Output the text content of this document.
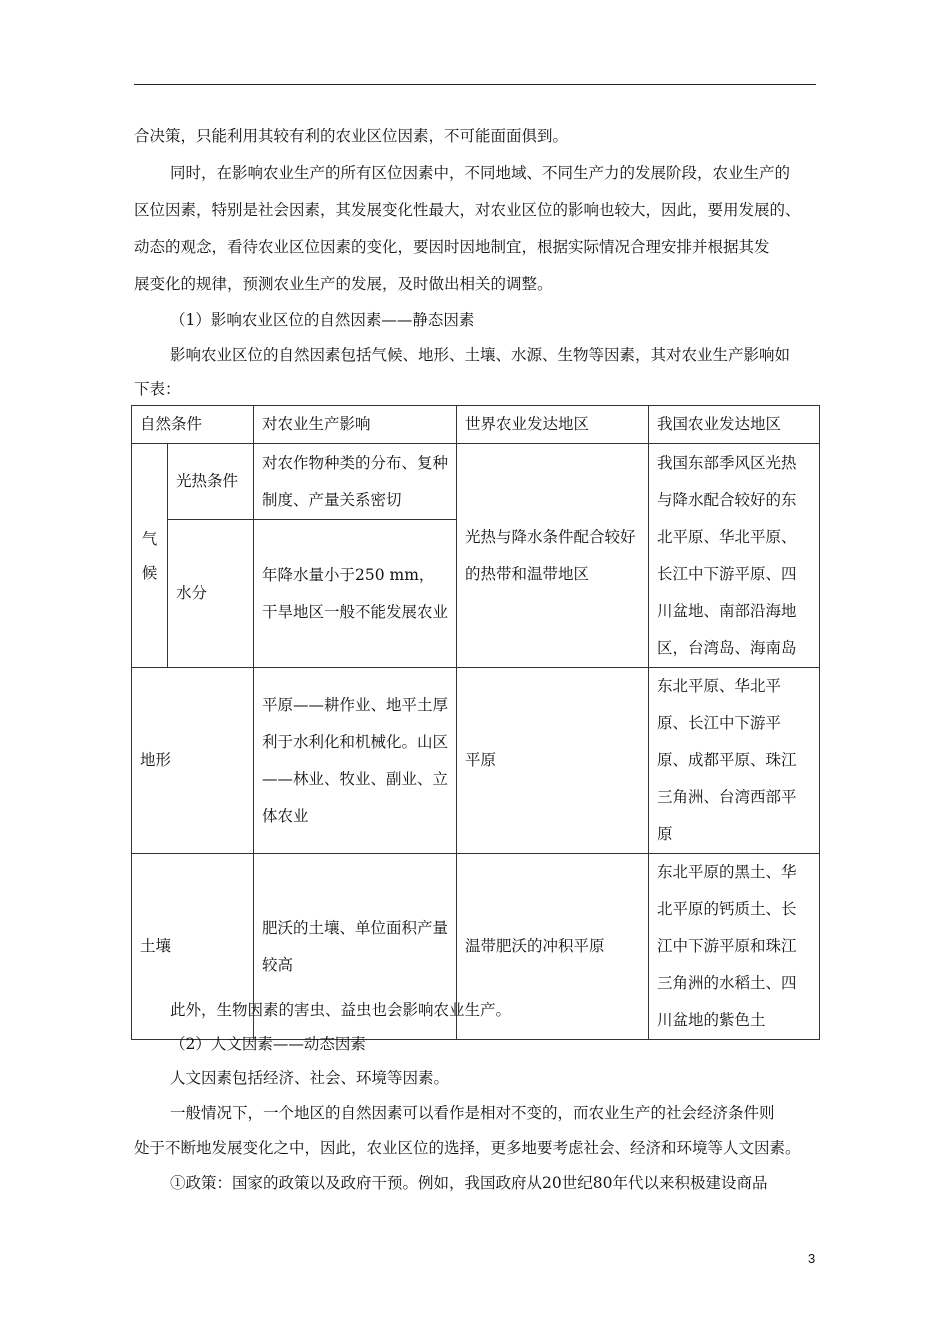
合决策，只能利用其较有利的农业区位因素，不可能面面俱到。
同时，在影响农业生产的所有区位因素中，不同地域、不同生产力的发展阶段，农业生产的
区位因素，特别是社会因素，其发展变化性最大，对农业区位的影响也较大，因此，要用发展的、
动态的观念，看待农业区位因素的变化，要因时因地制宜，根据实际情况合理安排并根据其发
展变化的规律，预测农业生产的发展，及时做出相关的调整。
（1）影响农业区位的自然因素——静态因素
影响农业区位的自然因素包括气候、地形、土壤、水源、生物等因素，其对农业生产影响如
下表：
自然条件		对农业生产影响	世界农业发达地区	我国农业发达地区
气
候	光热条件	对农作物种类的分布、复种制度、产量关系密切	光热与降水条件配合较好的热带和温带地区	我国东部季风区光热与降水配合较好的东北平原、华北平原、长江中下游平原、四川盆地、南部沿海地区，台湾岛、海南岛
	水分	年降水量小于250 mm，干旱地区一般不能发展农业		
地形		平原——耕作业、地平土厚利于水利化和机械化。山区——林业、牧业、副业、立体农业	平原	东北平原、华北平原、长江中下游平原、成都平原、珠江三角洲、台湾西部平原
土壤		肥沃的土壤、单位面积产量较高	温带肥沃的冲积平原	东北平原的黑土、华北平原的钙质土、长江中下游平原和珠江三角洲的水稻土、四川盆地的紫色土
此外，生物因素的害虫、益虫也会影响农业生产。
（2）人文因素——动态因素
人文因素包括经济、社会、环境等因素。
一般情况下，一个地区的自然因素可以看作是相对不变的，而农业生产的社会经济条件则
处于不断地发展变化之中，因此，农业区位的选择，更多地要考虑社会、经济和环境等人文因素。
①政策：国家的政策以及政府干预。例如，我国政府从20世纪80年代以来积极建设商品
3
